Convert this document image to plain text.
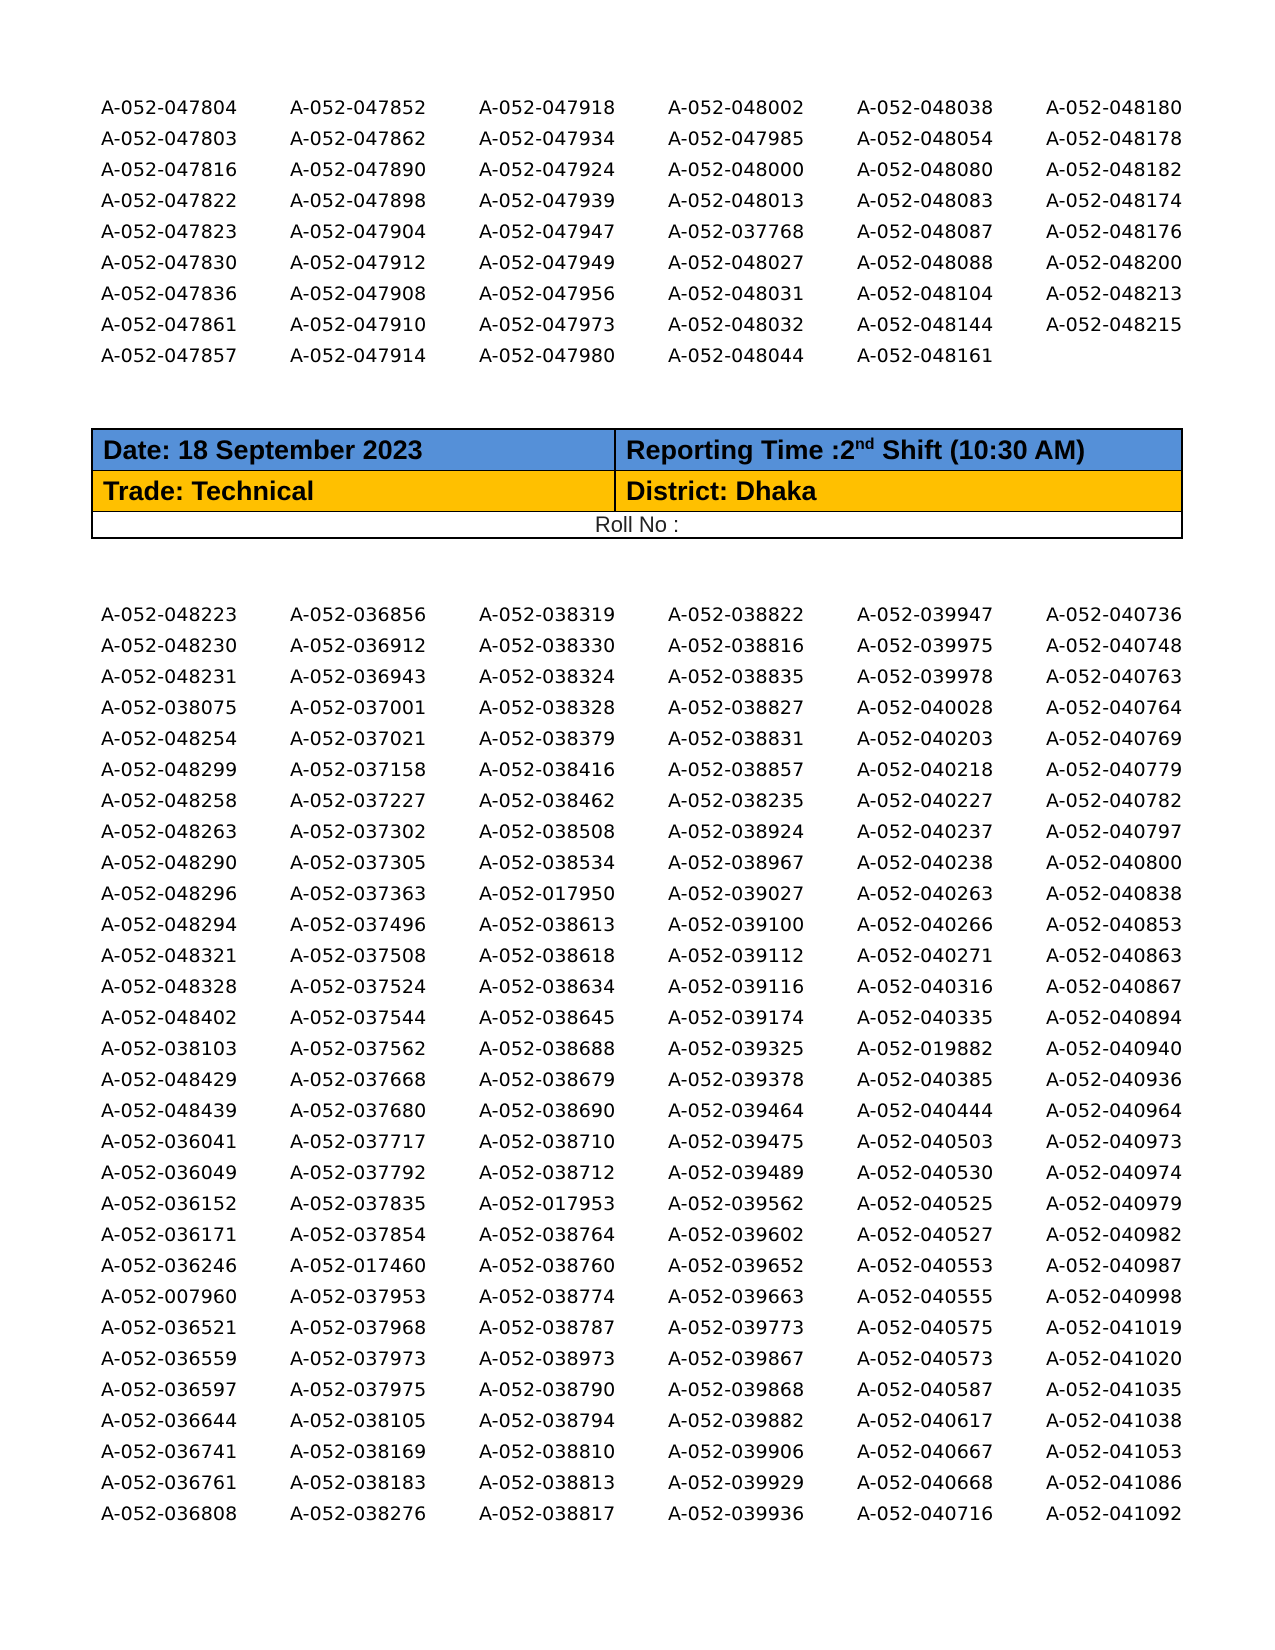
A-052-047804	A-052-047852	A-052-047918	A-052-048002	A-052-048038	A-052-048180
A-052-047803	A-052-047862	A-052-047934	A-052-047985	A-052-048054	A-052-048178
A-052-047816	A-052-047890	A-052-047924	A-052-048000	A-052-048080	A-052-048182
A-052-047822	A-052-047898	A-052-047939	A-052-048013	A-052-048083	A-052-048174
A-052-047823	A-052-047904	A-052-047947	A-052-037768	A-052-048087	A-052-048176
A-052-047830	A-052-047912	A-052-047949	A-052-048027	A-052-048088	A-052-048200
A-052-047836	A-052-047908	A-052-047956	A-052-048031	A-052-048104	A-052-048213
A-052-047861	A-052-047910	A-052-047973	A-052-048032	A-052-048144	A-052-048215
A-052-047857	A-052-047914	A-052-047980	A-052-048044	A-052-048161
Date: 18 September 2023	Reporting Time :2nd Shift (10:30 AM)
Trade: Technical	District: Dhaka
Roll No :
A-052-048223	A-052-036856	A-052-038319	A-052-038822	A-052-039947	A-052-040736
A-052-048230	A-052-036912	A-052-038330	A-052-038816	A-052-039975	A-052-040748
A-052-048231	A-052-036943	A-052-038324	A-052-038835	A-052-039978	A-052-040763
A-052-038075	A-052-037001	A-052-038328	A-052-038827	A-052-040028	A-052-040764
A-052-048254	A-052-037021	A-052-038379	A-052-038831	A-052-040203	A-052-040769
A-052-048299	A-052-037158	A-052-038416	A-052-038857	A-052-040218	A-052-040779
A-052-048258	A-052-037227	A-052-038462	A-052-038235	A-052-040227	A-052-040782
A-052-048263	A-052-037302	A-052-038508	A-052-038924	A-052-040237	A-052-040797
A-052-048290	A-052-037305	A-052-038534	A-052-038967	A-052-040238	A-052-040800
A-052-048296	A-052-037363	A-052-017950	A-052-039027	A-052-040263	A-052-040838
A-052-048294	A-052-037496	A-052-038613	A-052-039100	A-052-040266	A-052-040853
A-052-048321	A-052-037508	A-052-038618	A-052-039112	A-052-040271	A-052-040863
A-052-048328	A-052-037524	A-052-038634	A-052-039116	A-052-040316	A-052-040867
A-052-048402	A-052-037544	A-052-038645	A-052-039174	A-052-040335	A-052-040894
A-052-038103	A-052-037562	A-052-038688	A-052-039325	A-052-019882	A-052-040940
A-052-048429	A-052-037668	A-052-038679	A-052-039378	A-052-040385	A-052-040936
A-052-048439	A-052-037680	A-052-038690	A-052-039464	A-052-040444	A-052-040964
A-052-036041	A-052-037717	A-052-038710	A-052-039475	A-052-040503	A-052-040973
A-052-036049	A-052-037792	A-052-038712	A-052-039489	A-052-040530	A-052-040974
A-052-036152	A-052-037835	A-052-017953	A-052-039562	A-052-040525	A-052-040979
A-052-036171	A-052-037854	A-052-038764	A-052-039602	A-052-040527	A-052-040982
A-052-036246	A-052-017460	A-052-038760	A-052-039652	A-052-040553	A-052-040987
A-052-007960	A-052-037953	A-052-038774	A-052-039663	A-052-040555	A-052-040998
A-052-036521	A-052-037968	A-052-038787	A-052-039773	A-052-040575	A-052-041019
A-052-036559	A-052-037973	A-052-038973	A-052-039867	A-052-040573	A-052-041020
A-052-036597	A-052-037975	A-052-038790	A-052-039868	A-052-040587	A-052-041035
A-052-036644	A-052-038105	A-052-038794	A-052-039882	A-052-040617	A-052-041038
A-052-036741	A-052-038169	A-052-038810	A-052-039906	A-052-040667	A-052-041053
A-052-036761	A-052-038183	A-052-038813	A-052-039929	A-052-040668	A-052-041086
A-052-036808	A-052-038276	A-052-038817	A-052-039936	A-052-040716	A-052-041092
